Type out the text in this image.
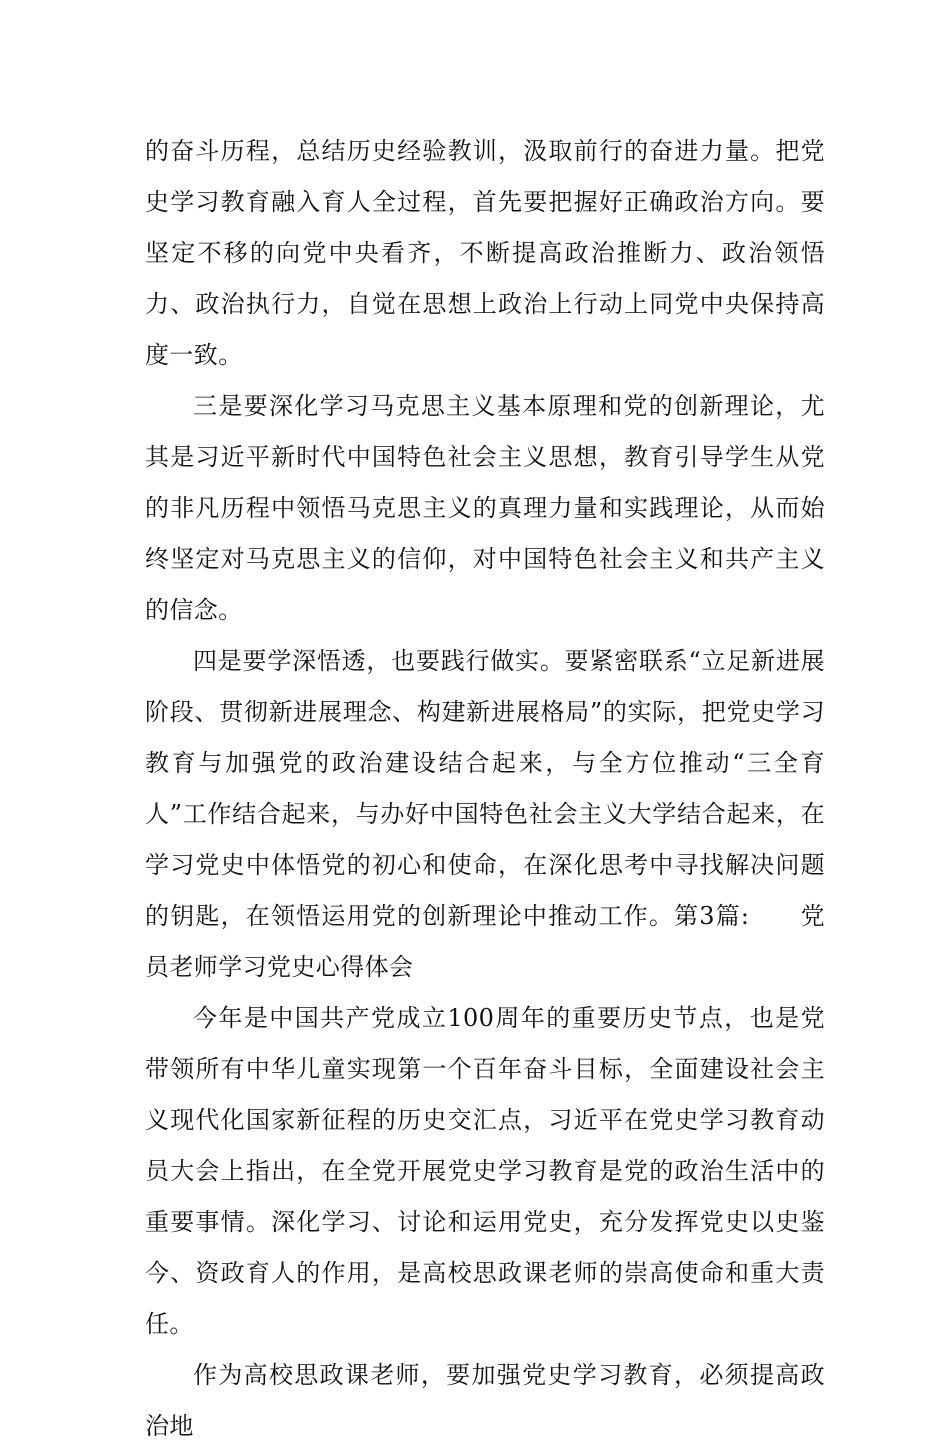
的奋斗历程，总结历史经验教训，汲取前行的奋进力量。把党史学习教育融入育人全过程，首先要把握好正确政治方向。要坚定不移的向党中央看齐，不断提高政治推断力、政治领悟力、政治执行力，自觉在思想上政治上行动上同党中央保持高度一致。

三是要深化学习马克思主义基本原理和党的创新理论，尤其是习近平新时代中国特色社会主义思想，教育引导学生从党的非凡历程中领悟马克思主义的真理力量和实践理论，从而始终坚定对马克思主义的信仰，对中国特色社会主义和共产主义的信念。

四是要学深悟透，也要践行做实。要紧密联系“立足新进展阶段、贯彻新进展理念、构建新进展格局”的实际，把党史学习教育与加强党的政治建设结合起来，与全方位推动“三全育人”工作结合起来，与办好中国特色社会主义大学结合起来，在学习党史中体悟党的初心和使命，在深化思考中寻找解决问题的钥匙，在领悟运用党的创新理论中推动工作。第3篇:　　党员老师学习党史心得体会

今年是中国共产党成立100周年的重要历史节点，也是党带领所有中华儿童实现第一个百年奋斗目标，全面建设社会主义现代化国家新征程的历史交汇点，习近平在党史学习教育动员大会上指出，在全党开展党史学习教育是党的政治生活中的重要事情。深化学习、讨论和运用党史，充分发挥党史以史鉴今、资政育人的作用，是高校思政课老师的崇高使命和重大责任。

作为高校思政课老师，要加强党史学习教育，必须提高政治地
